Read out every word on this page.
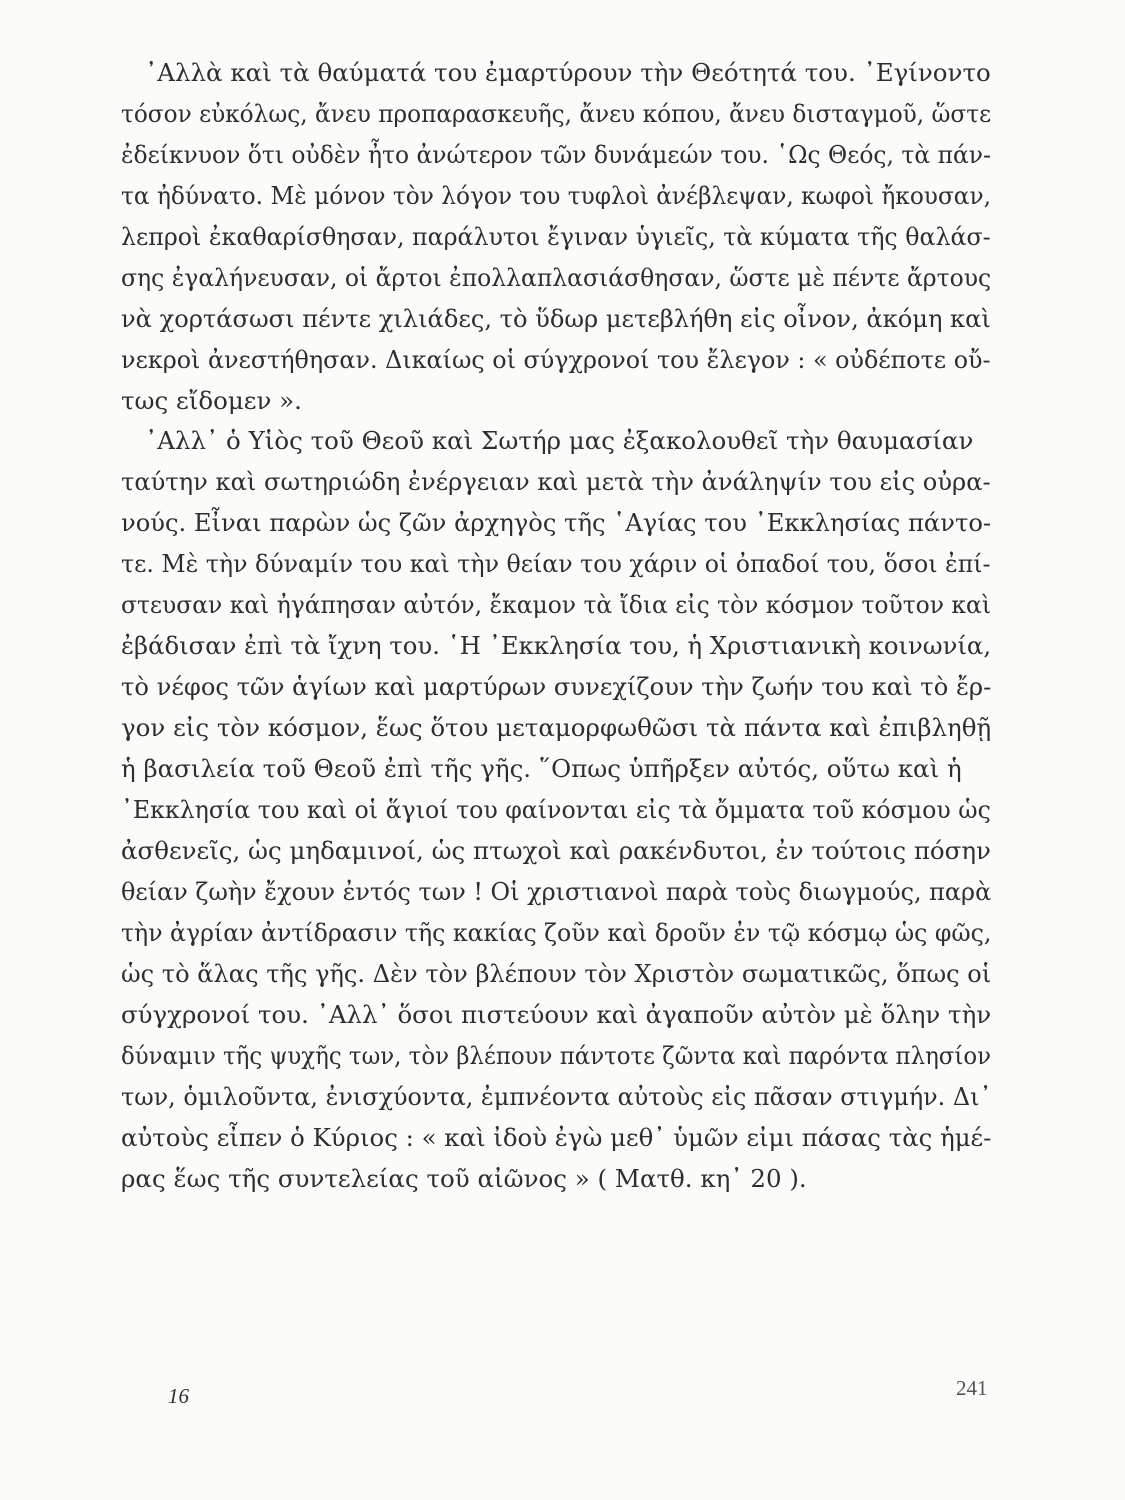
᾿Αλλὰ καὶ τὰ θαύματά του ἐμαρτύρουν τὴν Θεότητά του. ᾿Εγίνοντο
τόσον εὐκόλως, ἄνευ προπαρασκευῆς, ἄνευ κόπου, ἄνευ δισταγμοῦ, ὥστε
ἐδείκνυον ὅτι οὐδὲν ἦτο ἀνώτερον τῶν δυνάμεών του. ῾Ως Θεός, τὰ πάν-
τα ἠδύνατο. Μὲ μόνον τὸν λόγον του τυφλοὶ ἀνέβλεψαν, κωφοὶ ἤκουσαν,
λεπροὶ ἐκαθαρίσθησαν, παράλυτοι ἔγιναν ὑγιεῖς, τὰ κύματα τῆς θαλάσ-
σης ἐγαλήνευσαν, οἱ ἄρτοι ἐπολλαπλασιάσθησαν, ὥστε μὲ πέντε ἄρτους
νὰ χορτάσωσι πέντε χιλιάδες, τὸ ὕδωρ μετεβλήθη εἰς οἶνον, ἀκόμη καὶ
νεκροὶ ἀνεστήθησαν. Δικαίως οἱ σύγχρονοί του ἔλεγον : « οὐδέποτε οὔ-
τως εἴδομεν ».
᾿Αλλ᾿ ὁ Υἱὸς τοῦ Θεοῦ καὶ Σωτήρ μας ἐξακολουθεῖ τὴν θαυμασίαν
ταύτην καὶ σωτηριώδη ἐνέργειαν καὶ μετὰ τὴν ἀνάληψίν του εἰς οὐρα-
νούς. Εἶναι παρὼν ὡς ζῶν ἀρχηγὸς τῆς ῾Αγίας του ᾿Εκκλησίας πάντο-
τε. Μὲ τὴν δύναμίν του καὶ τὴν θείαν του χάριν οἱ ὀπαδοί του, ὅσοι ἐπί-
στευσαν καὶ ἠγάπησαν αὐτόν, ἔκαμον τὰ ἴδια εἰς τὸν κόσμον τοῦτον καὶ
ἐβάδισαν ἐπὶ τὰ ἴχνη του. ῾Η ᾿Εκκλησία του, ἡ Χριστιανικὴ κοινωνία,
τὸ νέφος τῶν ἁγίων καὶ μαρτύρων συνεχίζουν τὴν ζωήν του καὶ τὸ ἔρ-
γον εἰς τὸν κόσμον, ἕως ὅτου μεταμορφωθῶσι τὰ πάντα καὶ ἐπιβληθῇ
ἡ βασιλεία τοῦ Θεοῦ ἐπὶ τῆς γῆς. ῞Οπως ὑπῆρξεν αὐτός, οὕτω καὶ ἡ
᾿Εκκλησία του καὶ οἱ ἅγιοί του φαίνονται εἰς τὰ ὄμματα τοῦ κόσμου ὡς
ἀσθενεῖς, ὡς μηδαμινοί, ὡς πτωχοὶ καὶ ρακένδυτοι, ἐν τούτοις πόσην
θείαν ζωὴν ἔχουν ἐντός των ! Οἱ χριστιανοὶ παρὰ τοὺς διωγμούς, παρὰ
τὴν ἀγρίαν ἀντίδρασιν τῆς κακίας ζοῦν καὶ δροῦν ἐν τῷ κόσμῳ ὡς φῶς,
ὡς τὸ ἅλας τῆς γῆς. Δὲν τὸν βλέπουν τὸν Χριστὸν σωματικῶς, ὅπως οἱ
σύγχρονοί του. ᾿Αλλ᾿ ὅσοι πιστεύουν καὶ ἀγαποῦν αὐτὸν μὲ ὅλην τὴν
δύναμιν τῆς ψυχῆς των, τὸν βλέπουν πάντοτε ζῶντα καὶ παρόντα πλησίον
των, ὁμιλοῦντα, ἐνισχύοντα, ἐμπνέοντα αὐτοὺς εἰς πᾶσαν στιγμήν. Δι᾿
αὐτοὺς εἶπεν ὁ Κύριος : « καὶ ἰδοὺ ἐγὼ μεθ᾿ ὑμῶν εἰμι πάσας τὰς ἡμέ-
ρας ἕως τῆς συντελείας τοῦ αἰῶνος » ( Ματθ. κη᾿ 20 ).
16	241
